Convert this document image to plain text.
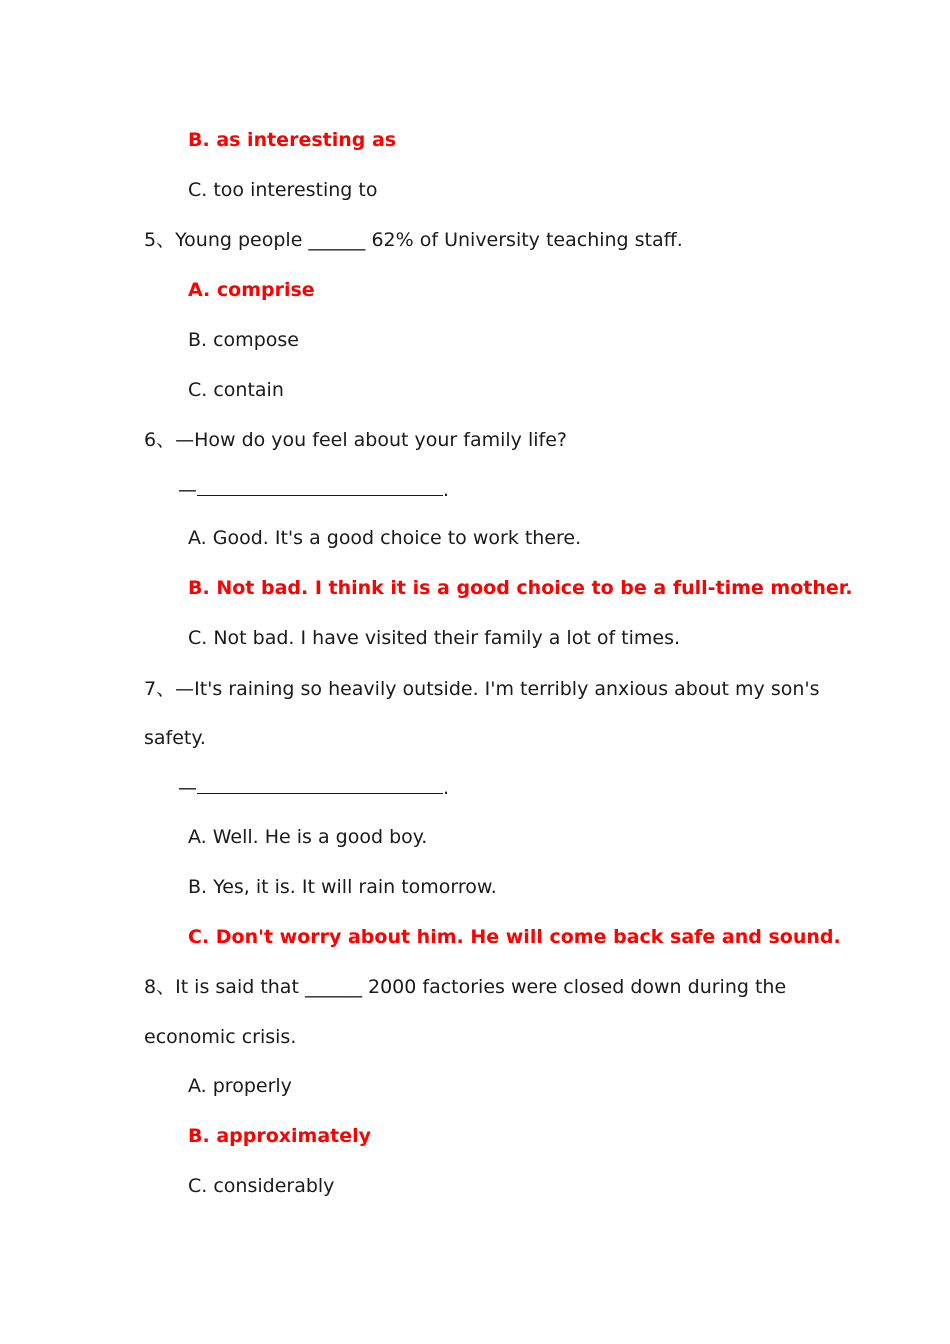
B. as interesting as
C. too interesting to
5、Young people ______ 62% of University teaching staff.
A. comprise
B. compose
C. contain
6、—How do you feel about your family life?
—	.
A. Good. It's a good choice to work there.
B. Not bad. I think it is a good choice to be a full-time mother.
C. Not bad. I have visited their family a lot of times.
7、—It's raining so heavily outside. I'm terribly anxious about my son's
safety.
—	.
A. Well. He is a good boy.
B. Yes, it is. It will rain tomorrow.
C. Don't worry about him. He will come back safe and sound.
8、It is said that ______ 2000 factories were closed down during the
economic crisis.
A. properly
B. approximately
C. considerably
